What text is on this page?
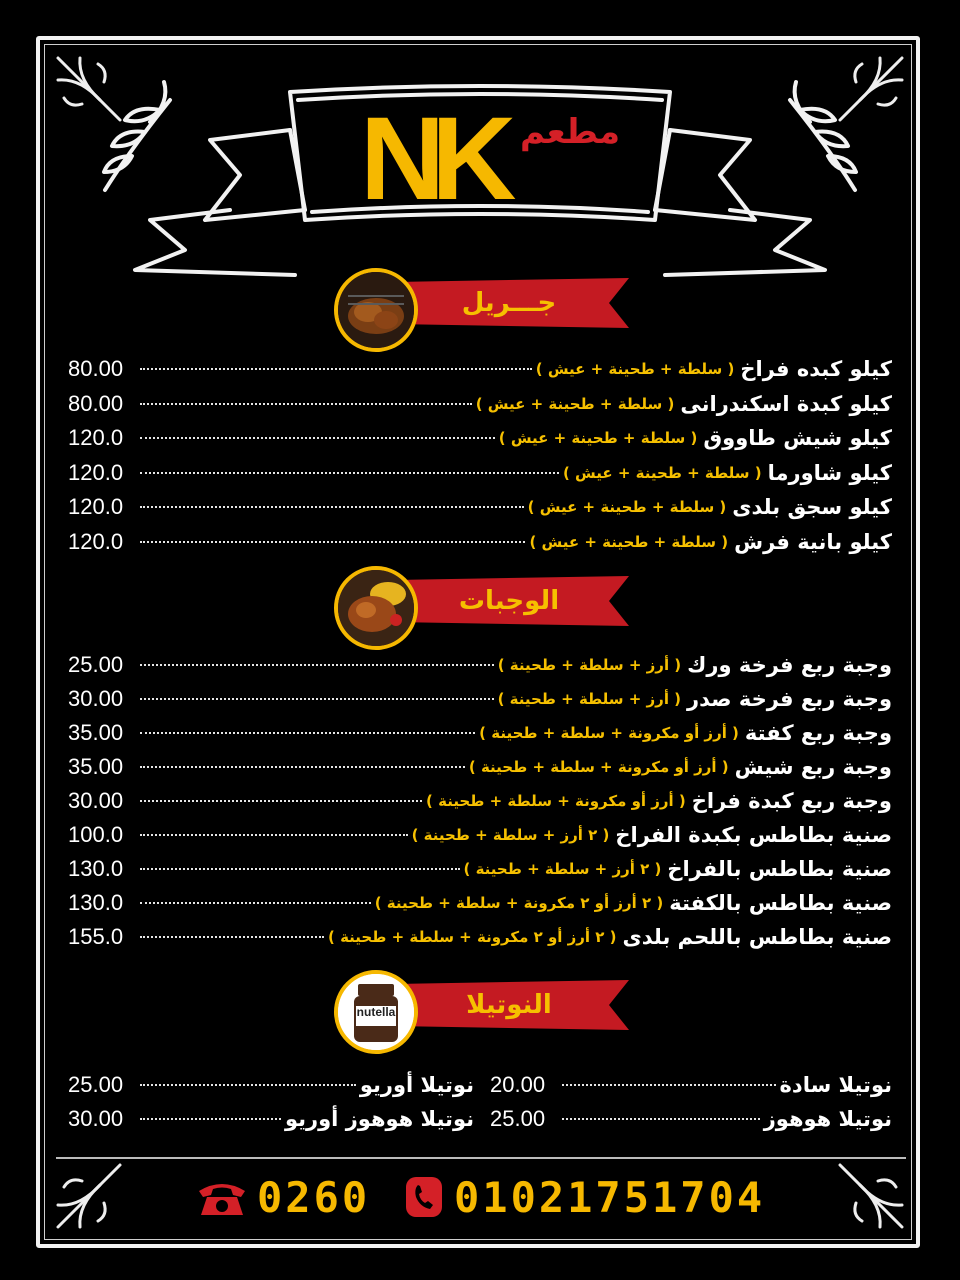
NK مطعم
جـــريل
80.00	كيلو كبده فراخ
( سلطة + طحينة + عيش )
80.00	كيلو كبدة اسكندرانى
( سلطة + طحينة + عيش )
120.0	كيلو شيش طاووق
( سلطة + طحينة + عيش )
120.0	كيلو شاورما
( سلطة + طحينة + عيش )
120.0	كيلو سجق بلدى
( سلطة + طحينة + عيش )
120.0	كيلو بانية فرش
( سلطة + طحينة + عيش )
الوجبات
25.00	وجبة ربع فرخة ورك
( أرز + سلطة + طحينة )
30.00	وجبة ربع فرخة صدر
( أرز + سلطة + طحينة )
35.00	وجبة ربع كفتة
( أرز أو مكرونة + سلطة + طحينة )
35.00	وجبة ربع شيش
( أرز أو مكرونة + سلطة + طحينة )
30.00	وجبة ربع كبدة فراخ
( أرز أو مكرونة + سلطة + طحينة )
100.0	صنية بطاطس بكبدة الفراخ
( ٢ أرز + سلطة + طحينة )
130.0	صنية بطاطس بالفراخ
( ٢ أرز + سلطة + طحينة )
130.0	صنية بطاطس بالكفتة
( ٢ أرز أو ٢ مكرونة + سلطة + طحينة )
155.0	صنية بطاطس باللحم بلدى
( ٢ أرز أو ٢ مكرونة + سلطة + طحينة )
النوتيلا
nutella
25.00	نوتيلا أوريو
30.00	نوتيلا هوهوز أوريو
20.00	نوتيلا سادة
25.00	نوتيلا هوهوز
0260 01021751704
